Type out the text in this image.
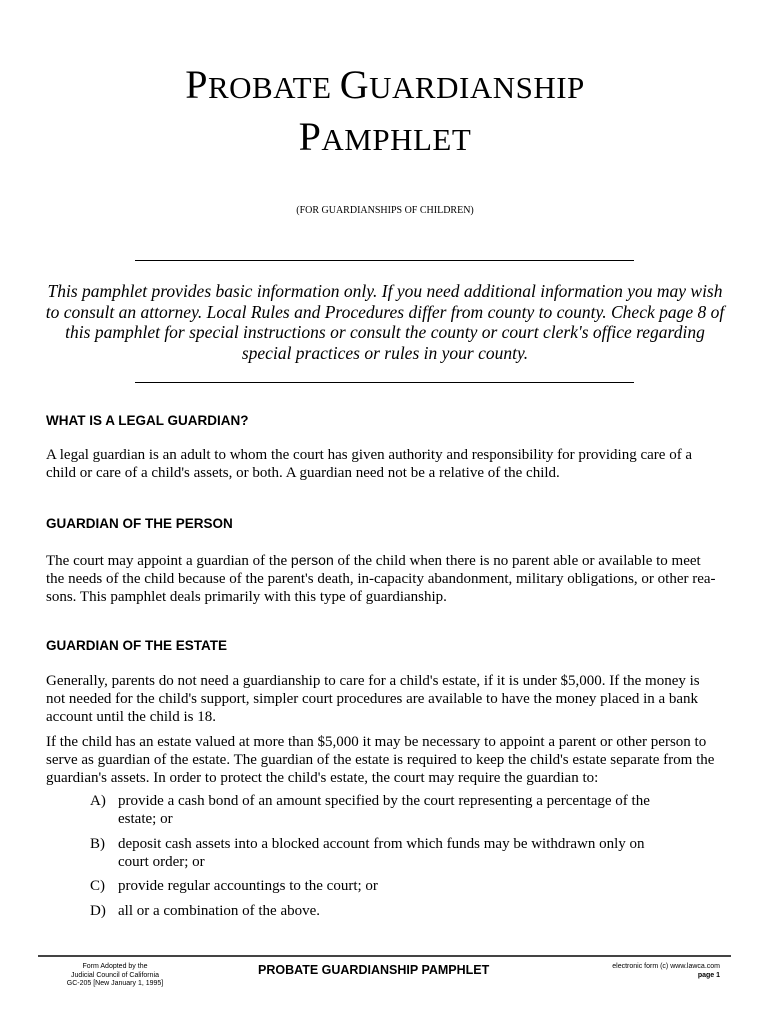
PROBATE GUARDIANSHIP
PAMPHLET
(FOR GUARDIANSHIPS OF CHILDREN)
This pamphlet provides basic information only. If you need additional information you may wish to consult an attorney. Local Rules and Procedures differ from county to county. Check page 8 of this pamphlet for special instructions or consult the county or court clerk's office regarding special practices or rules in your county.
WHAT IS A LEGAL GUARDIAN?
A legal guardian is an adult to whom the court has given authority and responsibility for providing care of a
child or care of a child's assets, or both. A guardian need not be a relative of the child.
GUARDIAN OF THE PERSON
The court may appoint a guardian of the person of the child when there is no parent able or available to meet
the needs of the child because of the parent's death, in-capacity abandonment, military obligations, or other rea-
sons. This pamphlet deals primarily with this type of guardianship.
GUARDIAN OF THE ESTATE
Generally, parents do not need a guardianship to care for a child's estate, if it is under $5,000. If the money is
not needed for the child's support, simpler court procedures are available to have the money placed in a bank
account until the child is 18.
If the child has an estate valued at more than $5,000 it may be necessary to appoint a parent or other person to
serve as guardian of the estate. The guardian of the estate is required to keep the child's estate separate from the
guardian's assets. In order to protect the child's estate, the court may require the guardian to:
A) provide a cash bond of an amount specified by the court representing a percentage of the
estate; or
B) deposit cash assets into a blocked account from which funds may be withdrawn only on
court order; or
C) provide regular accountings to the court; or
D) all or a combination of the above.
Form Adopted by the
Judicial Council of California
GC-205 [New January 1, 1995]
PROBATE GUARDIANSHIP PAMPHLET	electronic form (c) www.lawca.com
page 1
